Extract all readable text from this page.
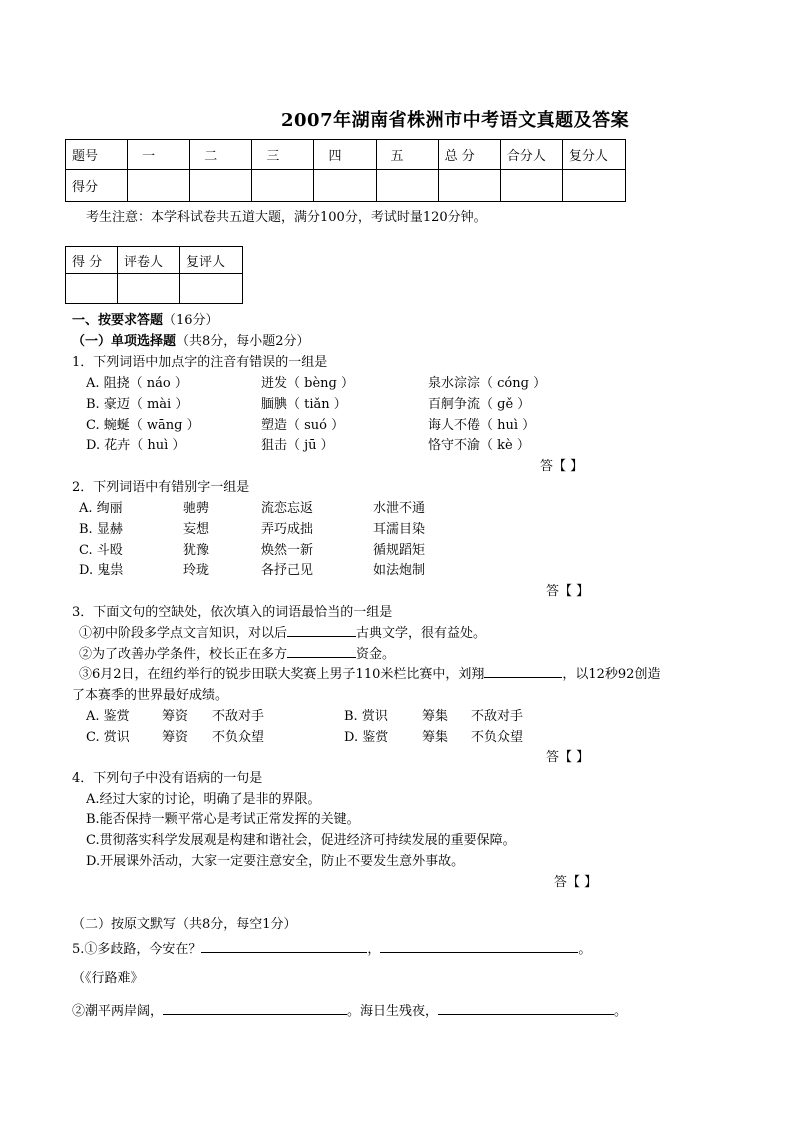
2007年湖南省株洲市中考语文真题及答案
题号	一	二	三	四	五	总 分	合分人	复分人
得分								
考生注意：本学科试卷共五道大题，满分100分，考试时量120分钟。
得 分	评卷人	复评人

一、按要求答题（16分）
（一）单项选择题（共8分，每小题2分）
1．下列词语中加点字的注音有错误的一组是
A. 阻挠（ náo ）	迸发（ bènɡ ）	泉水淙淙（ cónɡ ）
B. 豪迈（ mài ）	腼腆（ tiǎn ）	百舸争流（ ɡě ）
C. 蜿蜒（ wānɡ ）	塑造（ suó ）	诲人不倦（ huì ）
D. 花卉（ huì ）	狙击（ jū ）	恪守不渝（ kè ）
答【 】
2．下列词语中有错别字一组是
A. 绚丽	驰骋	流恋忘返	水泄不通
B. 显赫	妄想	弄巧成拙	耳濡目染
C. 斗殴	犹豫	焕然一新	循规蹈矩
D. 鬼祟	玲珑	各抒己见	如法炮制
答【 】
3．下面文句的空缺处，依次填入的词语最恰当的一组是
①初中阶段多学点文言知识，对以后	古典文学，很有益处。
②为了改善办学条件，校长正在多方	资金。
③6月2日，在纽约举行的锐步田联大奖赛上男子110米栏比赛中，刘翔	，以12秒92创造
了本赛季的世界最好成绩。
A. 鉴赏 筹资 不敌对手	B. 赏识	筹集 不敌对手
C. 赏识 筹资 不负众望	D. 鉴赏	筹集 不负众望
答【 】
4．下列句子中没有语病的一句是
A.经过大家的讨论，明确了是非的界限。
B.能否保持一颗平常心是考试正常发挥的关键。
C.贯彻落实科学发展观是构建和谐社会，促进经济可持续发展的重要保障。
D.开展课外活动，大家一定要注意安全，防止不要发生意外事故。
答【 】
（二）按原文默写（共8分，每空1分）
5.①多歧路，今安在？	，	。
（《行路难》
②潮平两岸阔，	。海日生残夜，	。
